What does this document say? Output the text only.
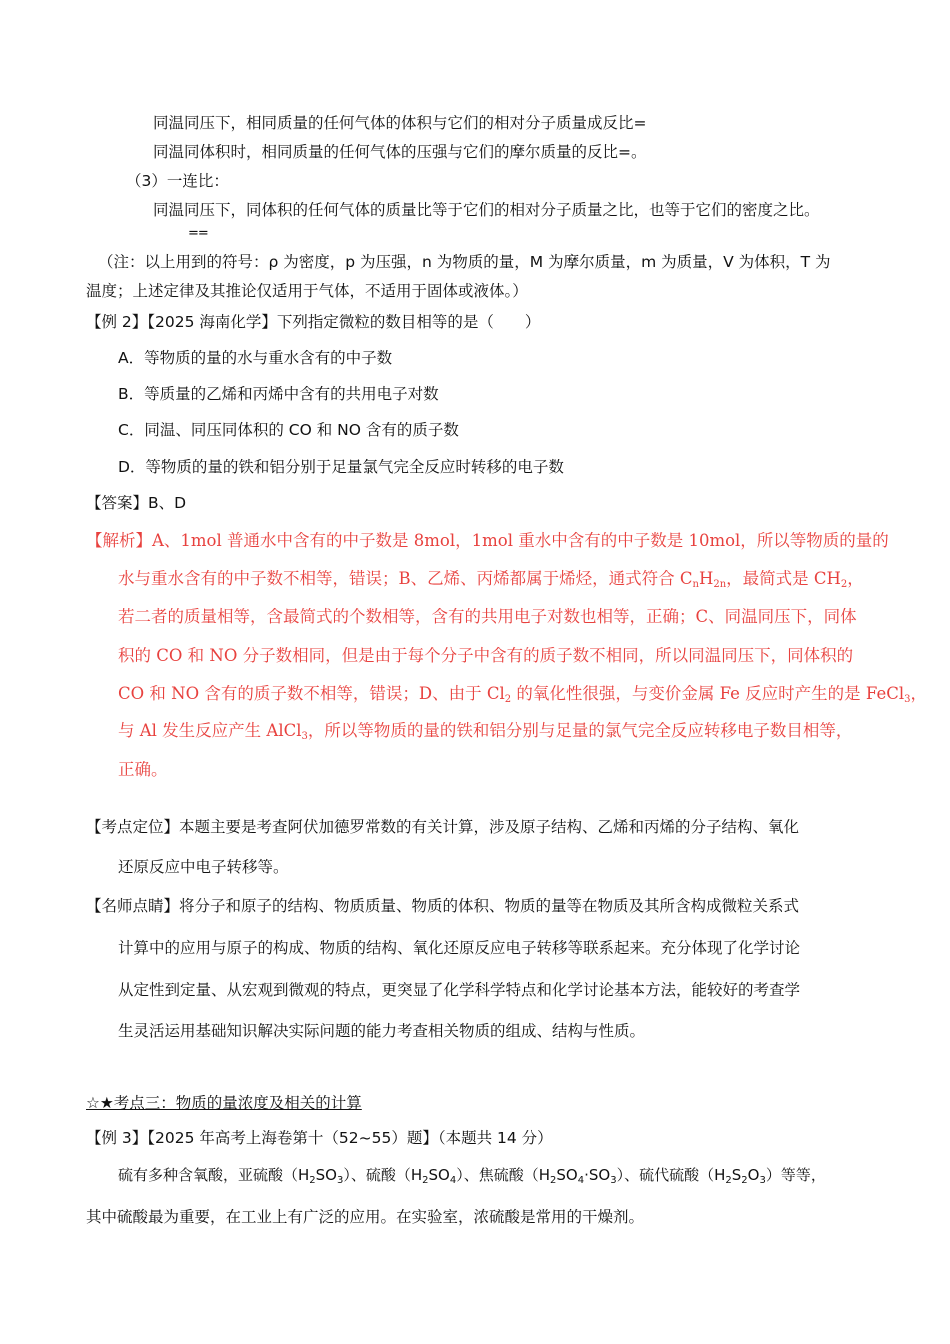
同温同压下，相同质量的任何气体的体积与它们的相对分子质量成反比=
同温同体积时，相同质量的任何气体的压强与它们的摩尔质量的反比=。
（3）一连比：
同温同压下，同体积的任何气体的质量比等于它们的相对分子质量之比，也等于它们的密度之比。
==
（注：以上用到的符号：ρ 为密度，p 为压强，n 为物质的量，M 为摩尔质量，m 为质量，V 为体积，T 为
温度；上述定律及其推论仅适用于气体，不适用于固体或液体。）
【例 2】【2025 海南化学】下列指定微粒的数目相等的是（　　）
A．等物质的量的水与重水含有的中子数
B．等质量的乙烯和丙烯中含有的共用电子对数
C．同温、同压同体积的 CO 和 NO 含有的质子数
D．等物质的量的铁和铝分别于足量氯气完全反应时转移的电子数
【答案】B、D
【解析】A、1mol 普通水中含有的中子数是 8mol，1mol 重水中含有的中子数是 10mol，所以等物质的量的
水与重水含有的中子数不相等，错误；B、乙烯、丙烯都属于烯烃，通式符合 $C_nH_{2n}$，最简式是 $CH_2$，
若二者的质量相等，含最简式的个数相等，含有的共用电子对数也相等，正确；C、同温同压下，同体
积的 CO 和 NO 分子数相同，但是由于每个分子中含有的质子数不相同，所以同温同压下，同体积的
CO 和 NO 含有的质子数不相等，错误；D、由于 $Cl_2$ 的氧化性很强，与变价金属 Fe 反应时产生的是 FeCl$_3$，
与 Al 发生反应产生 AlCl$_3$，所以等物质的量的铁和铝分别与足量的氯气完全反应转移电子数目相等，
正确。
【考点定位】本题主要是考查阿伏加德罗常数的有关计算，涉及原子结构、乙烯和丙烯的分子结构、氧化
还原反应中电子转移等。
【名师点睛】将分子和原子的结构、物质质量、物质的体积、物质的量等在物质及其所含构成微粒关系式
计算中的应用与原子的构成、物质的结构、氧化还原反应电子转移等联系起来。充分体现了化学讨论
从定性到定量、从宏观到微观的特点，更突显了化学科学特点和化学讨论基本方法，能较好的考查学
生灵活运用基础知识解决实际问题的能力考查相关物质的组成、结构与性质。
☆★考点三：物质的量浓度及相关的计算
【例 3】【2025 年高考上海卷第十（52~55）题】（本题共 14 分）
硫有多种含氧酸，亚硫酸$(H_2SO_3)$、硫酸$(H_2SO_4)$、焦硫酸$(H_2SO_4\cdot SO_3)$、硫代硫酸$(H_2S_2O_3)$等等，
其中硫酸最为重要，在工业上有广泛的应用。在实验室，浓硫酸是常用的干燥剂。
